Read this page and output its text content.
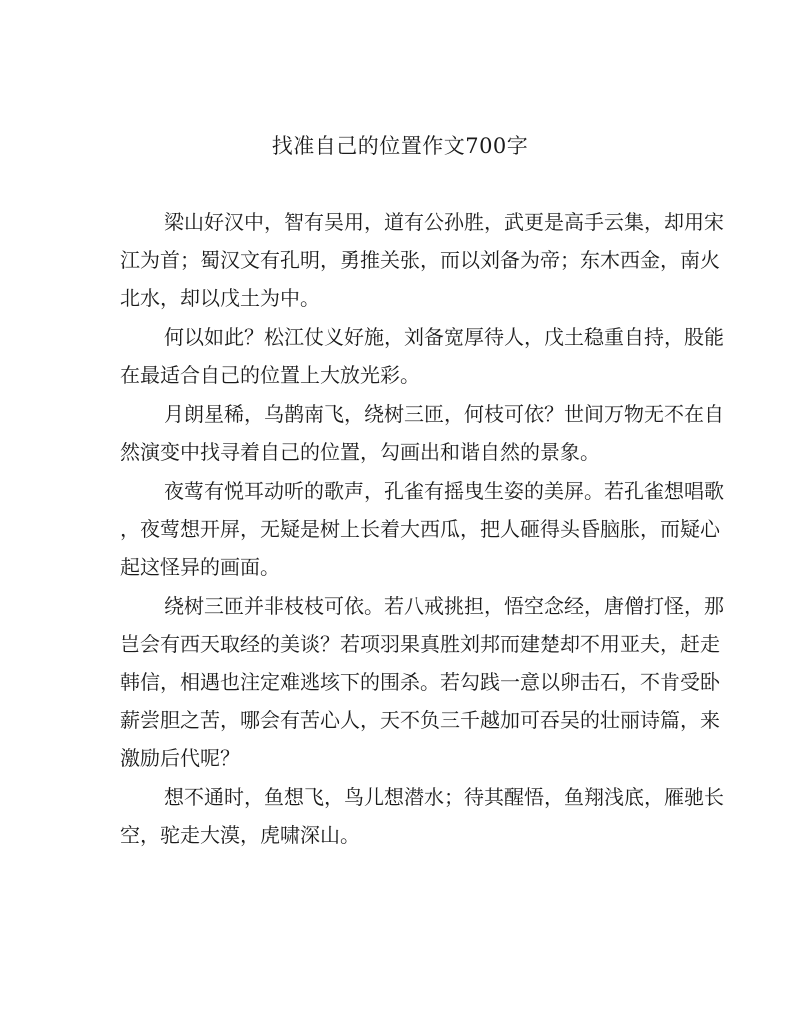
找准自己的位置作文700字
梁山好汉中，智有吴用，道有公孙胜，武更是高手云集，却用宋
江为首；蜀汉文有孔明，勇推关张，而以刘备为帝；东木西金，南火
北水，却以戊土为中。
何以如此？松江仗义好施，刘备宽厚待人，戊土稳重自持，股能
在最适合自己的位置上大放光彩。
月朗星稀，乌鹊南飞，绕树三匝，何枝可依？世间万物无不在自
然演变中找寻着自己的位置，勾画出和谐自然的景象。
夜莺有悦耳动听的歌声，孔雀有摇曳生姿的美屏。若孔雀想唱歌
，夜莺想开屏，无疑是树上长着大西瓜，把人砸得头昏脑胀，而疑心
起这怪异的画面。
绕树三匝并非枝枝可依。若八戒挑担，悟空念经，唐僧打怪，那
岂会有西天取经的美谈？若项羽果真胜刘邦而建楚却不用亚夫，赶走
韩信，相遇也注定难逃垓下的围杀。若勾践一意以卵击石，不肯受卧
薪尝胆之苦，哪会有苦心人，天不负三千越加可吞吴的壮丽诗篇，来
激励后代呢？
想不通时，鱼想飞，鸟儿想潜水；待其醒悟，鱼翔浅底，雁驰长
空，驼走大漠，虎啸深山。
